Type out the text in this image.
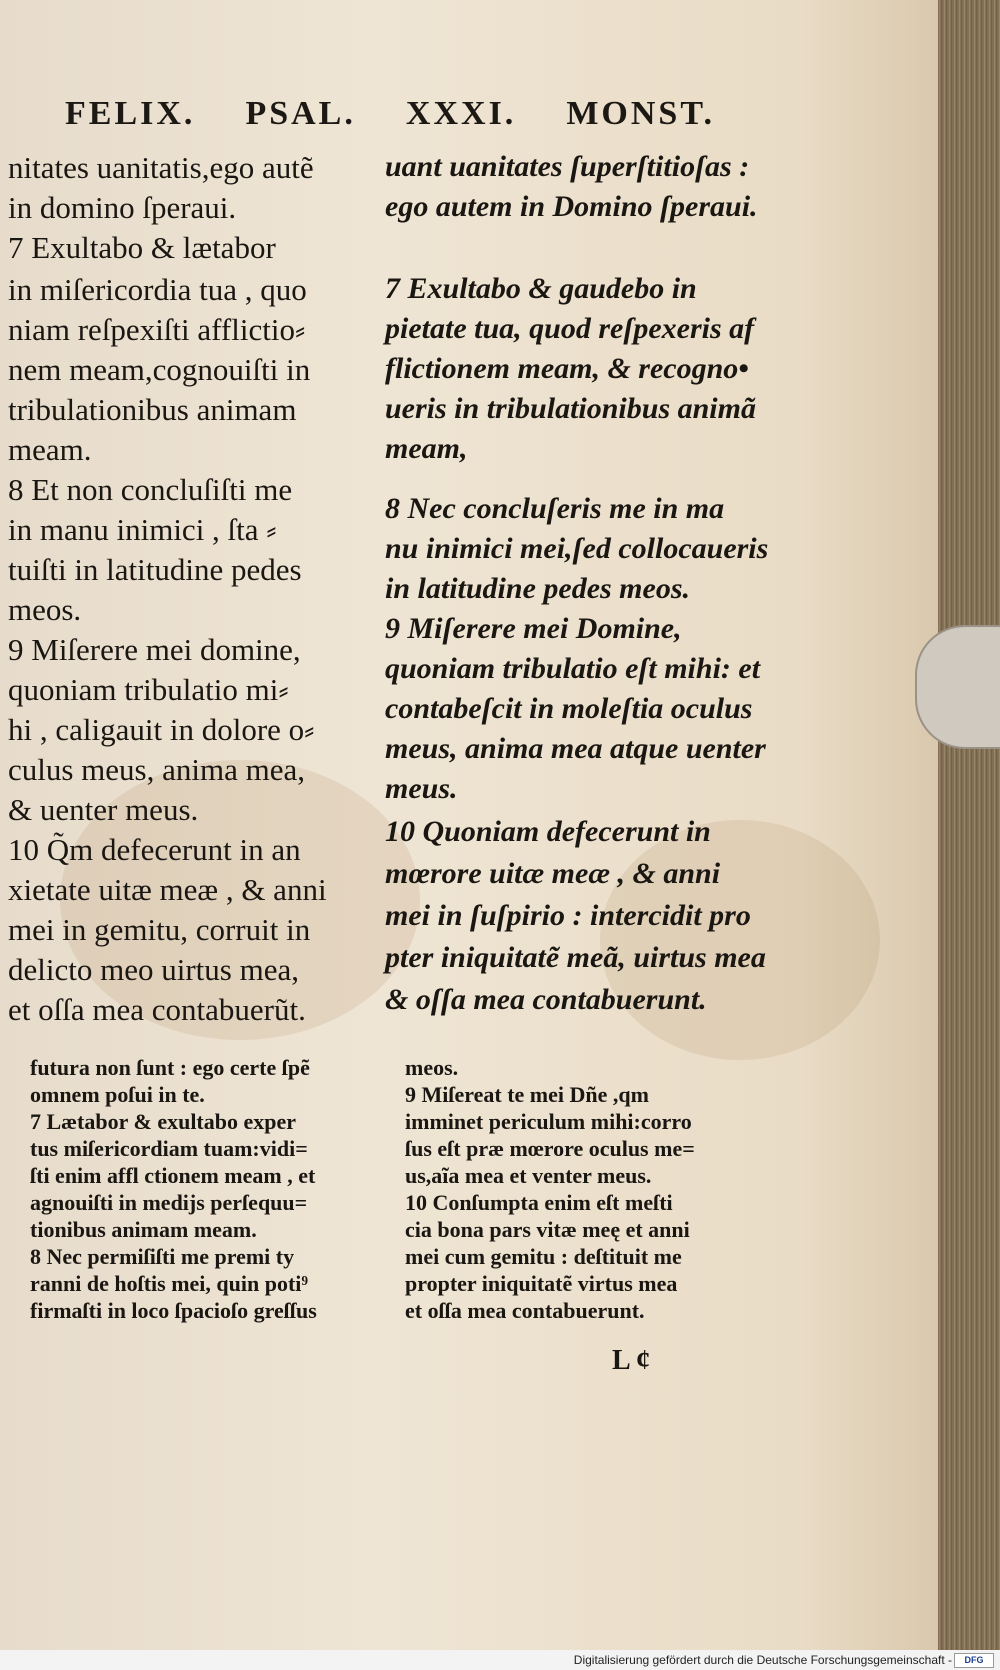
FELIX. PSAL. XXXI. MONST.
nitates uanitatis,ego autẽ
in domino ſperaui.
7 Exultabo & lætabor
in miſericordia tua , quo
niam reſpexiſti afflictio⸗
nem meam,cognouiſti in
tribulationibus animam
meam.
8 Et non concluſiſti me
in manu inimici , ſta ⸗
tuiſti in latitudine pedes
meos.
9 Miſerere mei domine,
quoniam tribulatio mi⸗
hi , caligauit in dolore o⸗
culus meus, anima mea,
& uenter meus.
10 Q̃m defecerunt in an
xietate uitæ meæ , & anni
mei in gemitu, corruit in
delicto meo uirtus mea,
et oſſa mea contabuerũt.
uant uanitates ſuperſtitioſas :
ego autem in Domino ſperaui.
7 Exultabo & gaudebo in
pietate tua, quod reſpexeris af
flictionem meam, & recogno•
ueris in tribulationibus animã
meam,
8 Nec concluſeris me in ma
nu inimici mei,ſed collocaueris
in latitudine pedes meos.
9 Miſerere mei Domine,
quoniam tribulatio eſt mihi: et
contabeſcit in moleſtia oculus
meus, anima mea atque uenter
meus.
10 Quoniam defecerunt in
mœrore uitæ meæ , & anni
mei in ſuſpirio : intercidit pro
pter iniquitatẽ meã, uirtus mea
& oſſa mea contabuerunt.
futura non ſunt : ego certe ſpẽ
omnem poſui in te.
7 Lætabor & exultabo exper
tus miſericordiam tuam:vidi=
ſti enim affl ctionem meam , et
agnouiſti in medijs perſequu=
tionibus animam meam.
8 Nec permiſiſti me premi ty
ranni de hoſtis mei, quin poti⁹
firmaſti in loco ſpacioſo greſſus
meos.
9 Miſereat te mei Dñe ,qm
imminet periculum mihi:corro
ſus eſt præ mœrore oculus me=
us,aĩa mea et venter meus.
10 Conſumpta enim eſt meſti
cia bona pars vitæ meę et anni
mei cum gemitu : deſtituit me
propter iniquitatẽ virtus mea
et oſſa mea contabuerunt.
L ¢
Digitalisierung gefördert durch die Deutsche Forschungsgemeinschaft -	DFG
